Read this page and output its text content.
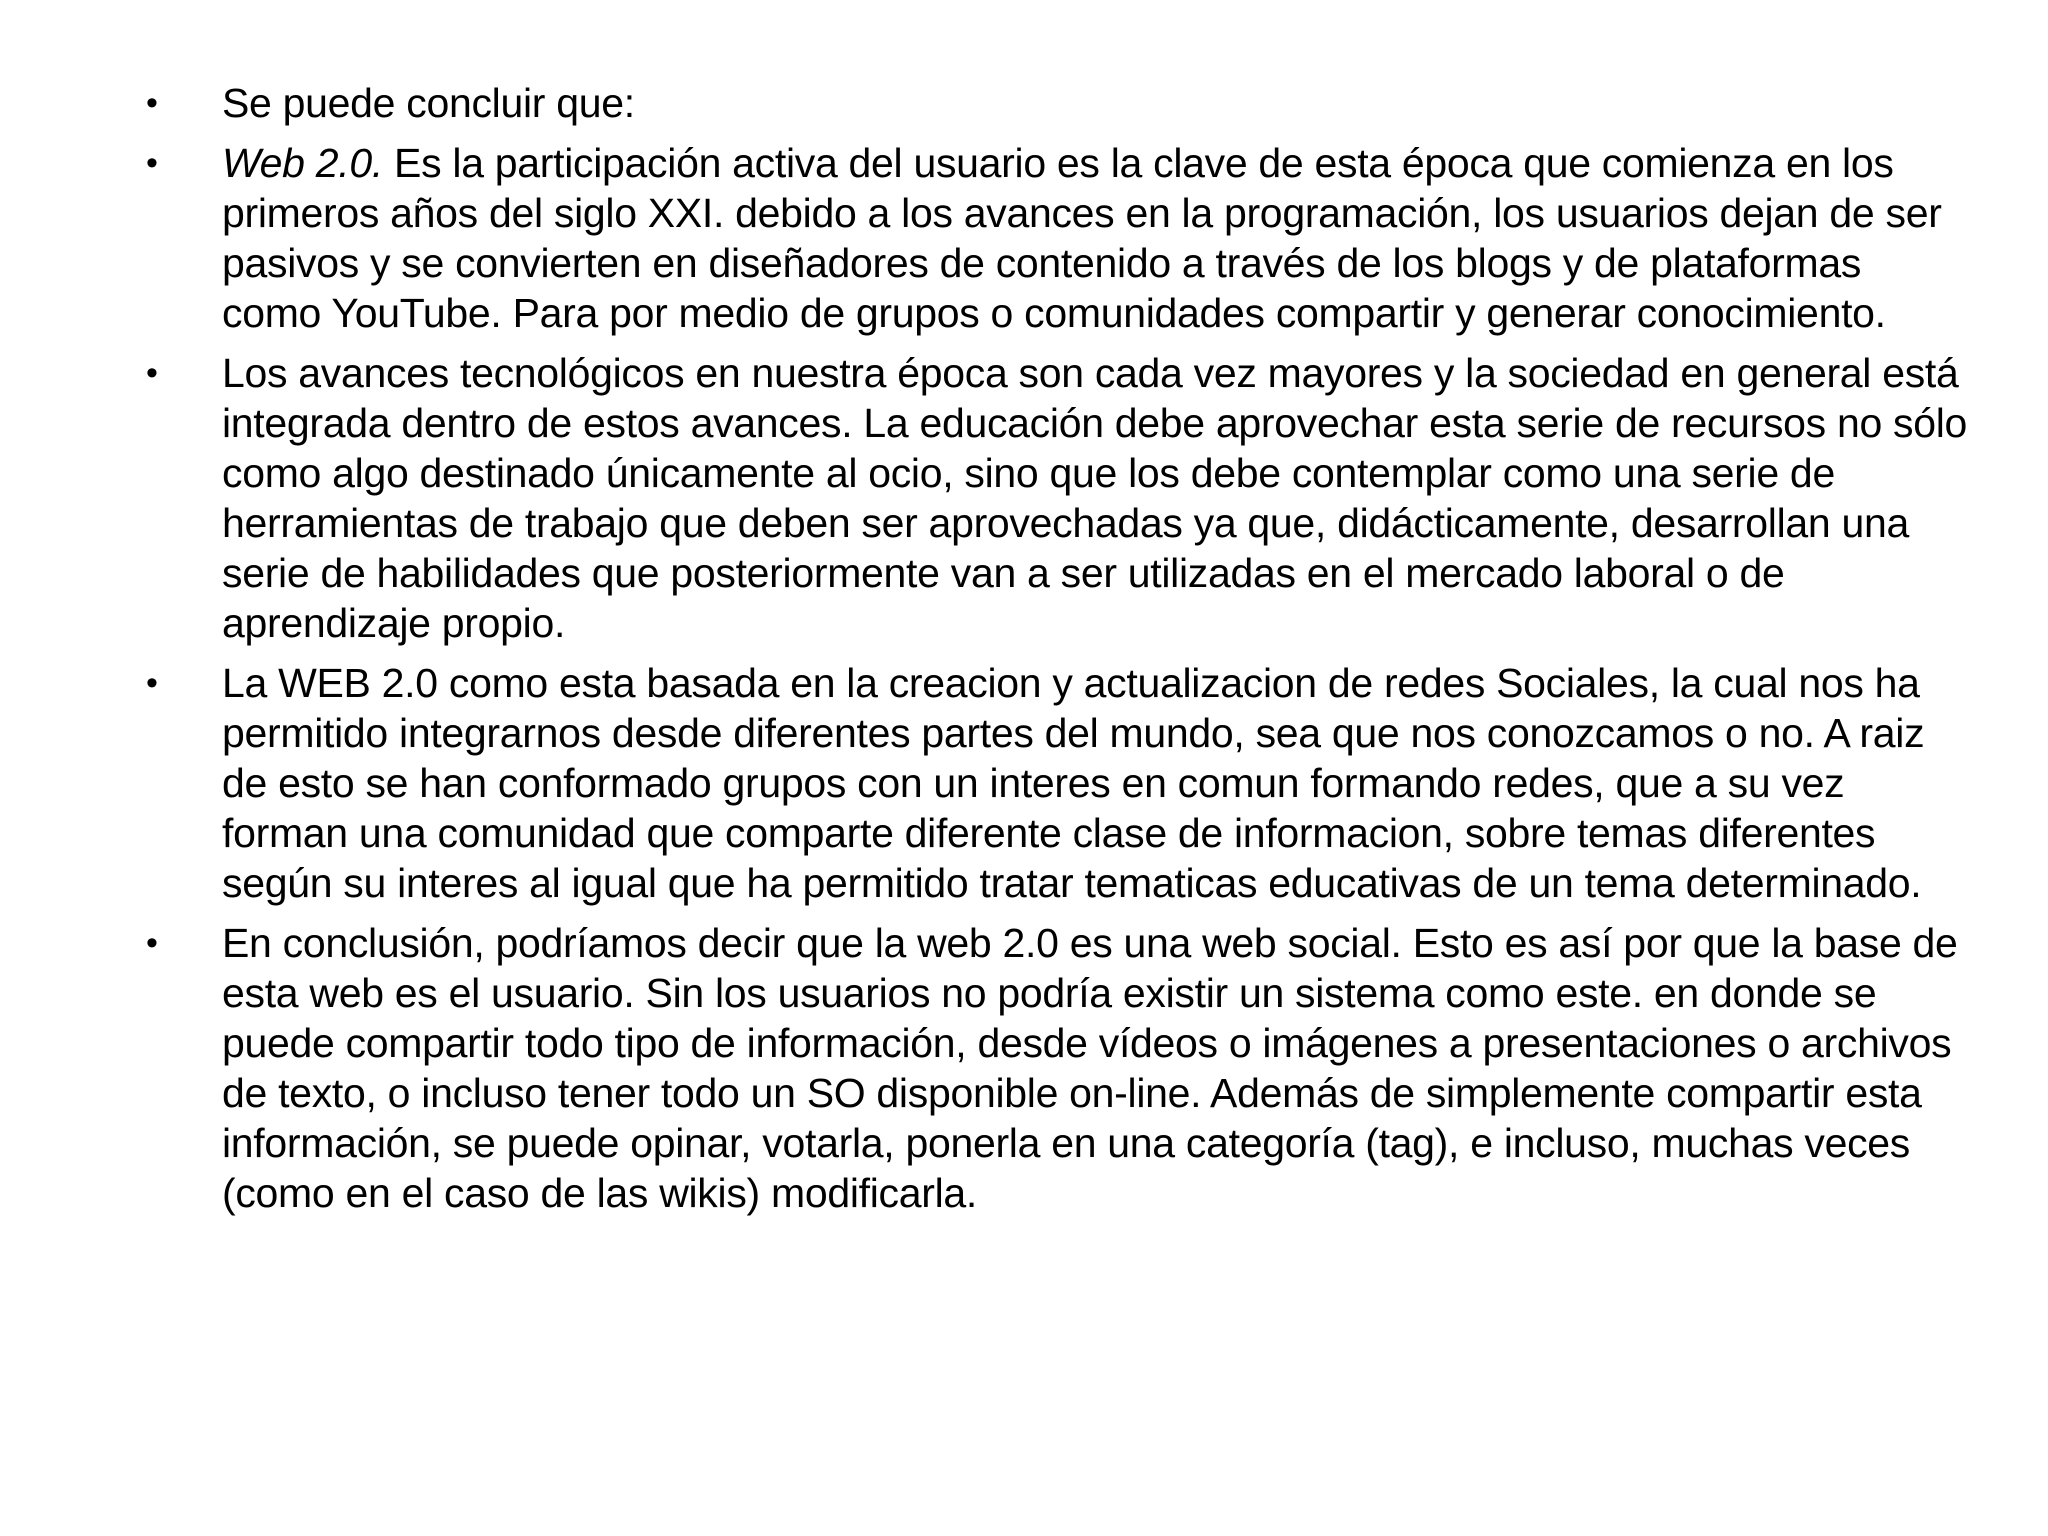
•	Se puede concluir que:
•	Web 2.0. Es la participación activa del usuario es la clave de esta época que comienza en los primeros años del siglo XXI. debido a los avances en la programación, los usuarios dejan de ser pasivos y se convierten en diseñadores de contenido a través de los blogs y de plataformas como YouTube. Para por medio de grupos o comunidades compartir y generar conocimiento.
•	Los avances tecnológicos en nuestra época son cada vez mayores y la sociedad en general está integrada dentro de estos avances. La educación debe aprovechar esta serie de recursos no sólo como algo destinado únicamente al ocio, sino que los debe contemplar como una serie de herramientas de trabajo que deben ser aprovechadas ya que, didácticamente, desarrollan una serie de habilidades que posteriormente van a ser utilizadas en el mercado laboral o de aprendizaje propio.
•	La WEB 2.0 como esta basada en la creacion y actualizacion de redes Sociales, la cual nos ha permitido integrarnos desde diferentes partes del mundo, sea que nos conozcamos o no. A raiz de esto se han conformado grupos con un interes en comun formando redes, que a su vez forman una comunidad que comparte diferente clase de informacion, sobre temas diferentes según su interes al igual que ha permitido tratar tematicas educativas de un tema determinado.
•	En conclusión, podríamos decir que la web 2.0 es una web social. Esto es así por que la base de esta web es el usuario. Sin los usuarios no podría existir un sistema como este. en donde se puede compartir todo tipo de información, desde vídeos o imágenes a presentaciones o archivos de texto, o incluso tener todo un SO disponible on-line. Además de simplemente compartir esta información, se puede opinar, votarla, ponerla en una categoría (tag), e incluso, muchas veces (como en el caso de las wikis) modificarla.
